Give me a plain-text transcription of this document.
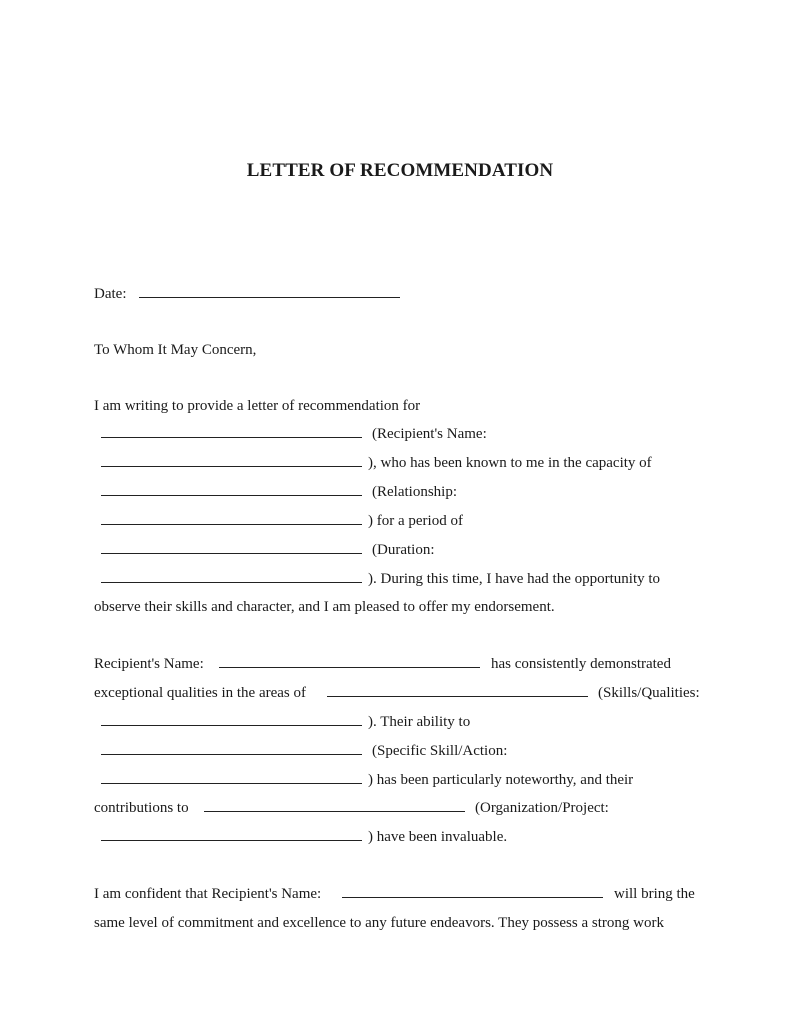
LETTER OF RECOMMENDATION
Date:
To Whom It May Concern,
I am writing to provide a letter of recommendation for
(Recipient's Name:
), who has been known to me in the capacity of
(Relationship:
) for a period of
(Duration:
). During this time, I have had the opportunity to
observe their skills and character, and I am pleased to offer my endorsement.
Recipient's Name:	has consistently demonstrated
exceptional qualities in the areas of	(Skills/Qualities:
). Their ability to
(Specific Skill/Action:
) has been particularly noteworthy, and their
contributions to	(Organization/Project:
) have been invaluable.
I am confident that Recipient's Name:	will bring the
same level of commitment and excellence to any future endeavors. They possess a strong work
